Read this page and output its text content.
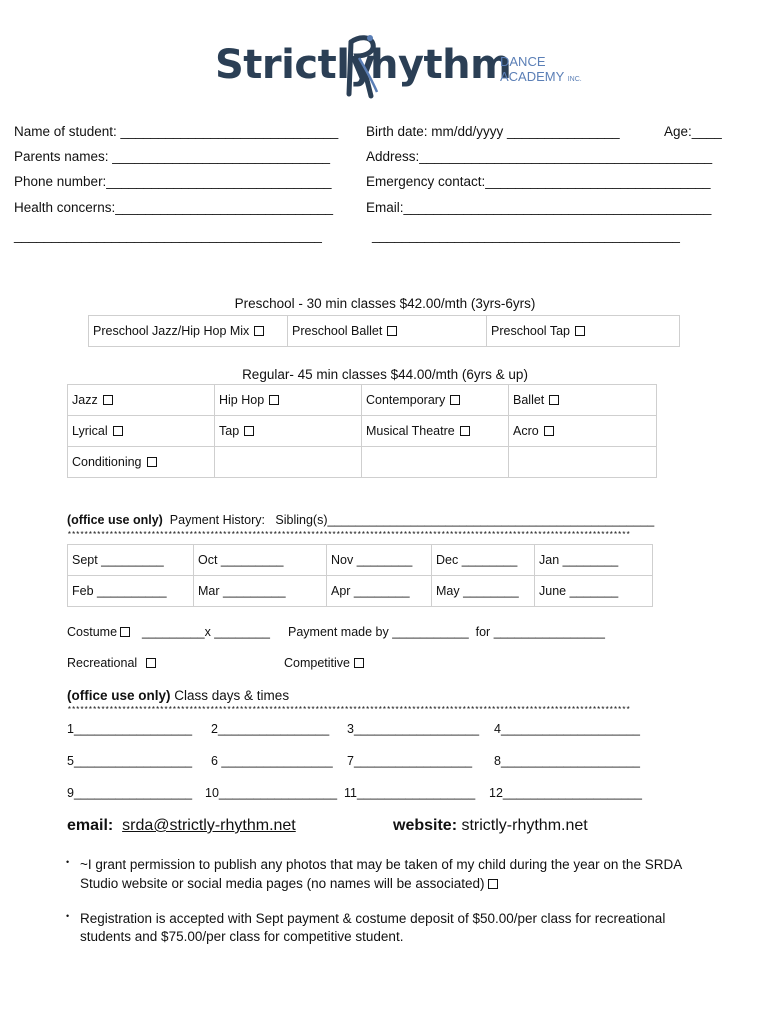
Strictly
hythm
DANCE
ACADEMY INC.
Name of student: _____________________________ Birth date: mm/dd/yyyy _______________	Age:____
Parents names: _____________________________	Address:_______________________________________
Phone number:______________________________	Emergency contact:______________________________
Health concerns:_____________________________ Email:_________________________________________
_________________________________________	_________________________________________
Preschool - 30 min classes $42.00/mth (3yrs-6yrs)
Preschool Jazz/Hip Hop Mix	Preschool Ballet	Preschool Tap
Regular- 45 min classes $44.00/mth (6yrs & up)
Jazz	Hip Hop	Contemporary	Ballet
Lyrical	Tap	Musical Theatre	Acro
Conditioning			
(office use only) Payment History:   Sibling(s)_______________________________________________
**************************************************************************************************************************************
Sept _________	Oct _________	Nov ________	Dec ________	Jan ________
Feb __________	Mar _________	Apr ________	May ________	June _______
Costume	_________x ________ Payment made by ___________  for ________________
Recreational	Competitive
(office use only) Class days & times
**************************************************************************************************************************************
1_________________ 2________________ 3__________________ 4____________________
5_________________ 6 ________________ 7_________________ 8____________________
9_________________ 10_________________ 11_________________ 12____________________
email: srda@strictly-rhythm.net	website: strictly-rhythm.net
• ~I grant permission to publish any photos that may be taken of my child during the year on the SRDA
Studio website or social media pages (no names will be associated)
• Registration is accepted with Sept payment & costume deposit of $50.00/per class for recreational
students and $75.00/per class for competitive student.
